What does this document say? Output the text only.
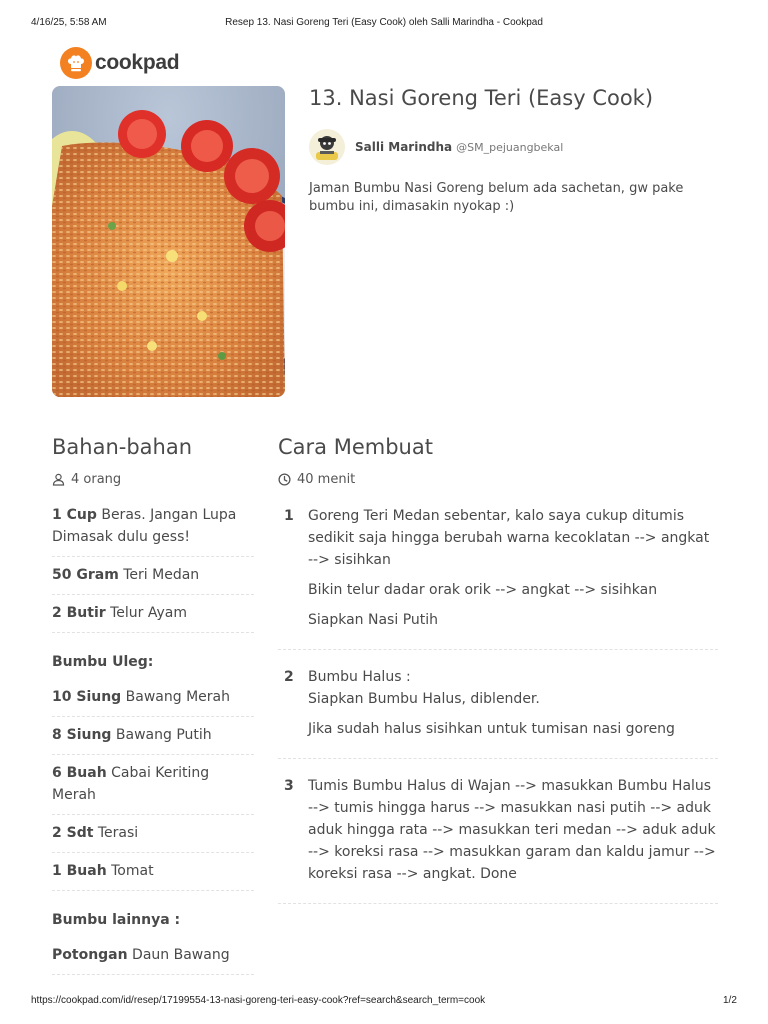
4/16/25, 5:58 AM	Resep 13. Nasi Goreng Teri (Easy Cook) oleh Salli Marindha - Cookpad
cookpad
13. Nasi Goreng Teri (Easy Cook)
Salli Marindha @SM_pejuangbekal
Jaman Bumbu Nasi Goreng belum ada sachetan, gw pake bumbu ini, dimasakin nyokap :)
Bahan-bahan
4 orang
1 Cup Beras. Jangan Lupa Dimasak dulu gess!
50 Gram Teri Medan
2 Butir Telur Ayam
Bumbu Uleg:
10 Siung Bawang Merah
8 Siung Bawang Putih
6 Buah Cabai Keriting Merah
2 Sdt Terasi
1 Buah Tomat
Bumbu lainnya :
Potongan Daun Bawang
Cara Membuat
40 menit
1	Goreng Teri Medan sebentar, kalo saya cukup ditumis sedikit saja hingga berubah warna kecoklatan --> angkat --> sisihkan

Bikin telur dadar orak orik --> angkat --> sisihkan

Siapkan Nasi Putih

2	Bumbu Halus :
Siapkan Bumbu Halus, diblender.

Jika sudah halus sisihkan untuk tumisan nasi goreng

3	Tumis Bumbu Halus di Wajan --> masukkan Bumbu Halus --> tumis hingga harus --> masukkan nasi putih --> aduk aduk hingga rata --> masukkan teri medan --> aduk aduk --> koreksi rasa --> masukkan garam dan kaldu jamur --> koreksi rasa --> angkat. Done

https://cookpad.com/id/resep/17199554-13-nasi-goreng-teri-easy-cook?ref=search&search_term=cook	1/2
